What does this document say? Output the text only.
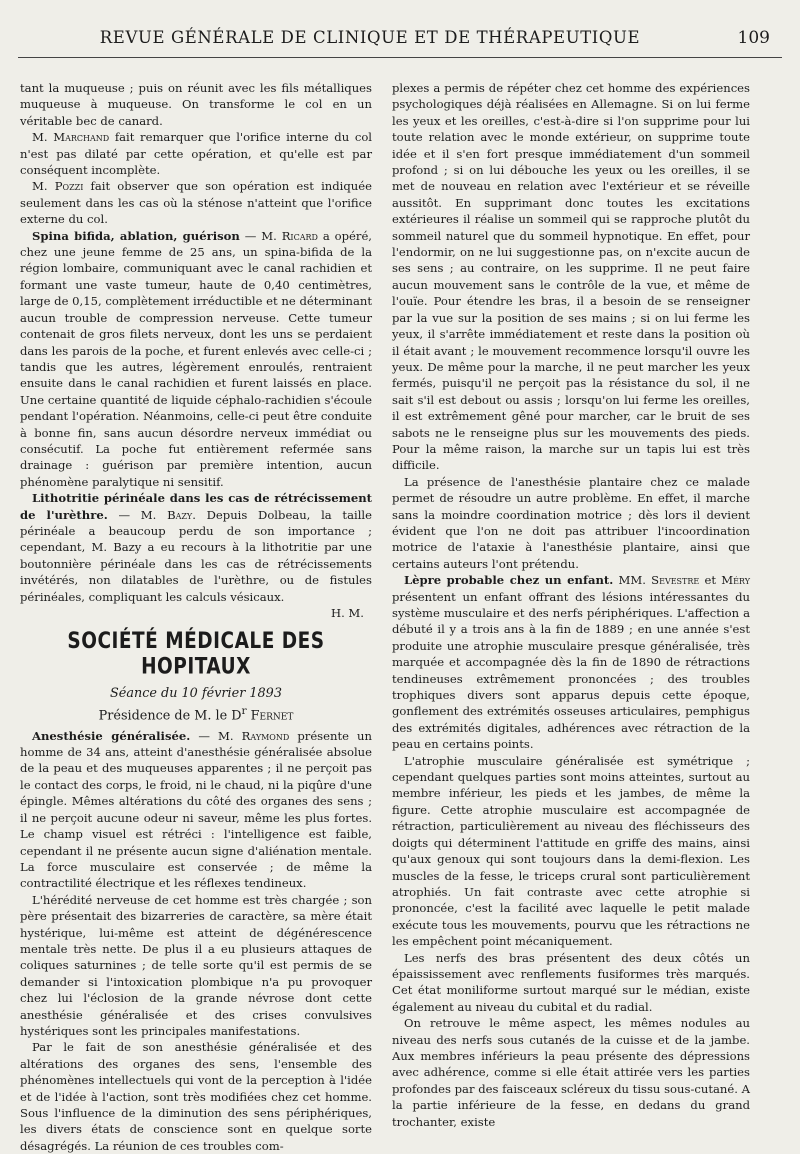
REVUE GÉNÉRALE DE CLINIQUE ET DE THÉRAPEUTIQUE	109

tant la muqueuse ; puis on réunit avec les fils métalliques muqueuse à muqueuse. On transforme le col en un véritable bec de canard.

M. Marchand fait remarquer que l'orifice interne du col n'est pas dilaté par cette opération, et qu'elle est par conséquent incomplète.

M. Pozzi fait observer que son opération est indiquée seulement dans les cas où la sténose n'atteint que l'orifice externe du col.

Spina bifida, ablation, guérison — M. Ricard a opéré, chez une jeune femme de 25 ans, un spina-bifida de la région lombaire, communiquant avec le canal rachidien et formant une vaste tumeur, haute de 0,40 centimètres, large de 0,15, complètement irréductible et ne déterminant aucun trouble de compression nerveuse. Cette tumeur contenait de gros filets nerveux, dont les uns se perdaient dans les parois de la poche, et furent enlevés avec celle-ci ; tandis que les autres, légèrement enroulés, rentraient ensuite dans le canal rachidien et furent laissés en place. Une certaine quantité de liquide céphalo-rachidien s'écoule pendant l'opération. Néanmoins, celle-ci peut être conduite à bonne fin, sans aucun désordre nerveux immédiat ou consécutif. La poche fut entièrement refermée sans drainage : guérison par première intention, aucun phénomène paralytique ni sensitif.

Lithotritie périnéale dans les cas de rétrécissement de l'urèthre. — M. Bazy. Depuis Dolbeau, la taille périnéale a beaucoup perdu de son importance ; cependant, M. Bazy a eu recours à la lithotritie par une boutonnière périnéale dans les cas de rétrécissements invétérés, non dilatables de l'urèthre, ou de fistules périnéales, compliquant les calculs vésicaux.

H. M.
SOCIÉTÉ MÉDICALE DES HOPITAUX
Séance du 10 février 1893
Présidence de M. le $D^r$ Fernet

Anesthésie généralisée. — M. Raymond présente un homme de 34 ans, atteint d'anesthésie généralisée absolue de la peau et des muqueuses apparentes ; il ne perçoit pas le contact des corps, le froid, ni le chaud, ni la piqûre d'une épingle. Mêmes altérations du côté des organes des sens ; il ne perçoit aucune odeur ni saveur, même les plus fortes. Le champ visuel est rétréci : l'intelligence est faible, cependant il ne présente aucun signe d'aliénation mentale. La force musculaire est conservée ; de même la contractilité électrique et les réflexes tendineux.

L'hérédité nerveuse de cet homme est très chargée ; son père présentait des bizarreries de caractère, sa mère était hystérique, lui-même est atteint de dégénérescence mentale très nette. De plus il a eu plusieurs attaques de coliques saturnines ; de telle sorte qu'il est permis de se demander si l'intoxication plombique n'a pu provoquer chez lui l'éclosion de la grande névrose dont cette anesthésie généralisée et des crises convulsives hystériques sont les principales manifestations.

Par le fait de son anesthésie généralisée et des altérations des organes des sens, l'ensemble des phénomènes intellectuels qui vont de la perception à l'idée et de l'idée à l'action, sont très modifiées chez cet homme. Sous l'influence de la diminution des sens périphériques, les divers états de conscience sont en quelque sorte désagrégés. La réunion de ces troubles com-

plexes a permis de répéter chez cet homme des expériences psychologiques déjà réalisées en Allemagne. Si on lui ferme les yeux et les oreilles, c'est-à-dire si l'on supprime pour lui toute relation avec le monde extérieur, on supprime toute idée et il s'en fort presque immédiatement d'un sommeil profond ; si on lui débouche les yeux ou les oreilles, il se met de nouveau en relation avec l'extérieur et se réveille aussitôt. En supprimant donc toutes les excitations extérieures il réalise un sommeil qui se rapproche plutôt du sommeil naturel que du sommeil hypnotique. En effet, pour l'endormir, on ne lui suggestionne pas, on n'excite aucun de ses sens ; au contraire, on les supprime. Il ne peut faire aucun mouvement sans le contrôle de la vue, et même de l'ouïe. Pour étendre les bras, il a besoin de se renseigner par la vue sur la position de ses mains ; si on lui ferme les yeux, il s'arrête immédiatement et reste dans la position où il était avant ; le mouvement recommence lorsqu'il ouvre les yeux. De même pour la marche, il ne peut marcher les yeux fermés, puisqu'il ne perçoit pas la résistance du sol, il ne sait s'il est debout ou assis ; lorsqu'on lui ferme les oreilles, il est extrêmement gêné pour marcher, car le bruit de ses sabots ne le renseigne plus sur les mouvements des pieds. Pour la même raison, la marche sur un tapis lui est très difficile.

La présence de l'anesthésie plantaire chez ce malade permet de résoudre un autre problème. En effet, il marche sans la moindre coordination motrice ; dès lors il devient évident que l'on ne doit pas attribuer l'incoordination motrice de l'ataxie à l'anesthésie plantaire, ainsi que certains auteurs l'ont prétendu.

Lèpre probable chez un enfant. MM. Sevestre et Méry présentent un enfant offrant des lésions intéressantes du système musculaire et des nerfs périphériques. L'affection a débuté il y a trois ans à la fin de 1889 ; en une année s'est produite une atrophie musculaire presque généralisée, très marquée et accompagnée dès la fin de 1890 de rétractions tendineuses extrêmement prononcées ; des troubles trophiques divers sont apparus depuis cette époque, gonflement des extrémités osseuses articulaires, pemphigus des extrémités digitales, adhérences avec rétraction de la peau en certains points.

L'atrophie musculaire généralisée est symétrique ; cependant quelques parties sont moins atteintes, surtout au membre inférieur, les pieds et les jambes, de même la figure. Cette atrophie musculaire est accompagnée de rétraction, particulièrement au niveau des fléchisseurs des doigts qui déterminent l'attitude en griffe des mains, ainsi qu'aux genoux qui sont toujours dans la demi-flexion. Les muscles de la fesse, le triceps crural sont particulièrement atrophiés. Un fait contraste avec cette atrophie si prononcée, c'est la facilité avec laquelle le petit malade exécute tous les mouvements, pourvu que les rétractions ne les empêchent point mécaniquement.

Les nerfs des bras présentent des deux côtés un épaississement avec renflements fusiformes très marqués. Cet état moniliforme surtout marqué sur le médian, existe également au niveau du cubital et du radial.

On retrouve le même aspect, les mêmes nodules au niveau des nerfs sous cutanés de la cuisse et de la jambe. Aux membres inférieurs la peau présente des dépressions avec adhérence, comme si elle était attirée vers les parties profondes par des faisceaux scléreux du tissu sous-cutané. A la partie inférieure de la fesse, en dedans du grand trochanter, existe
